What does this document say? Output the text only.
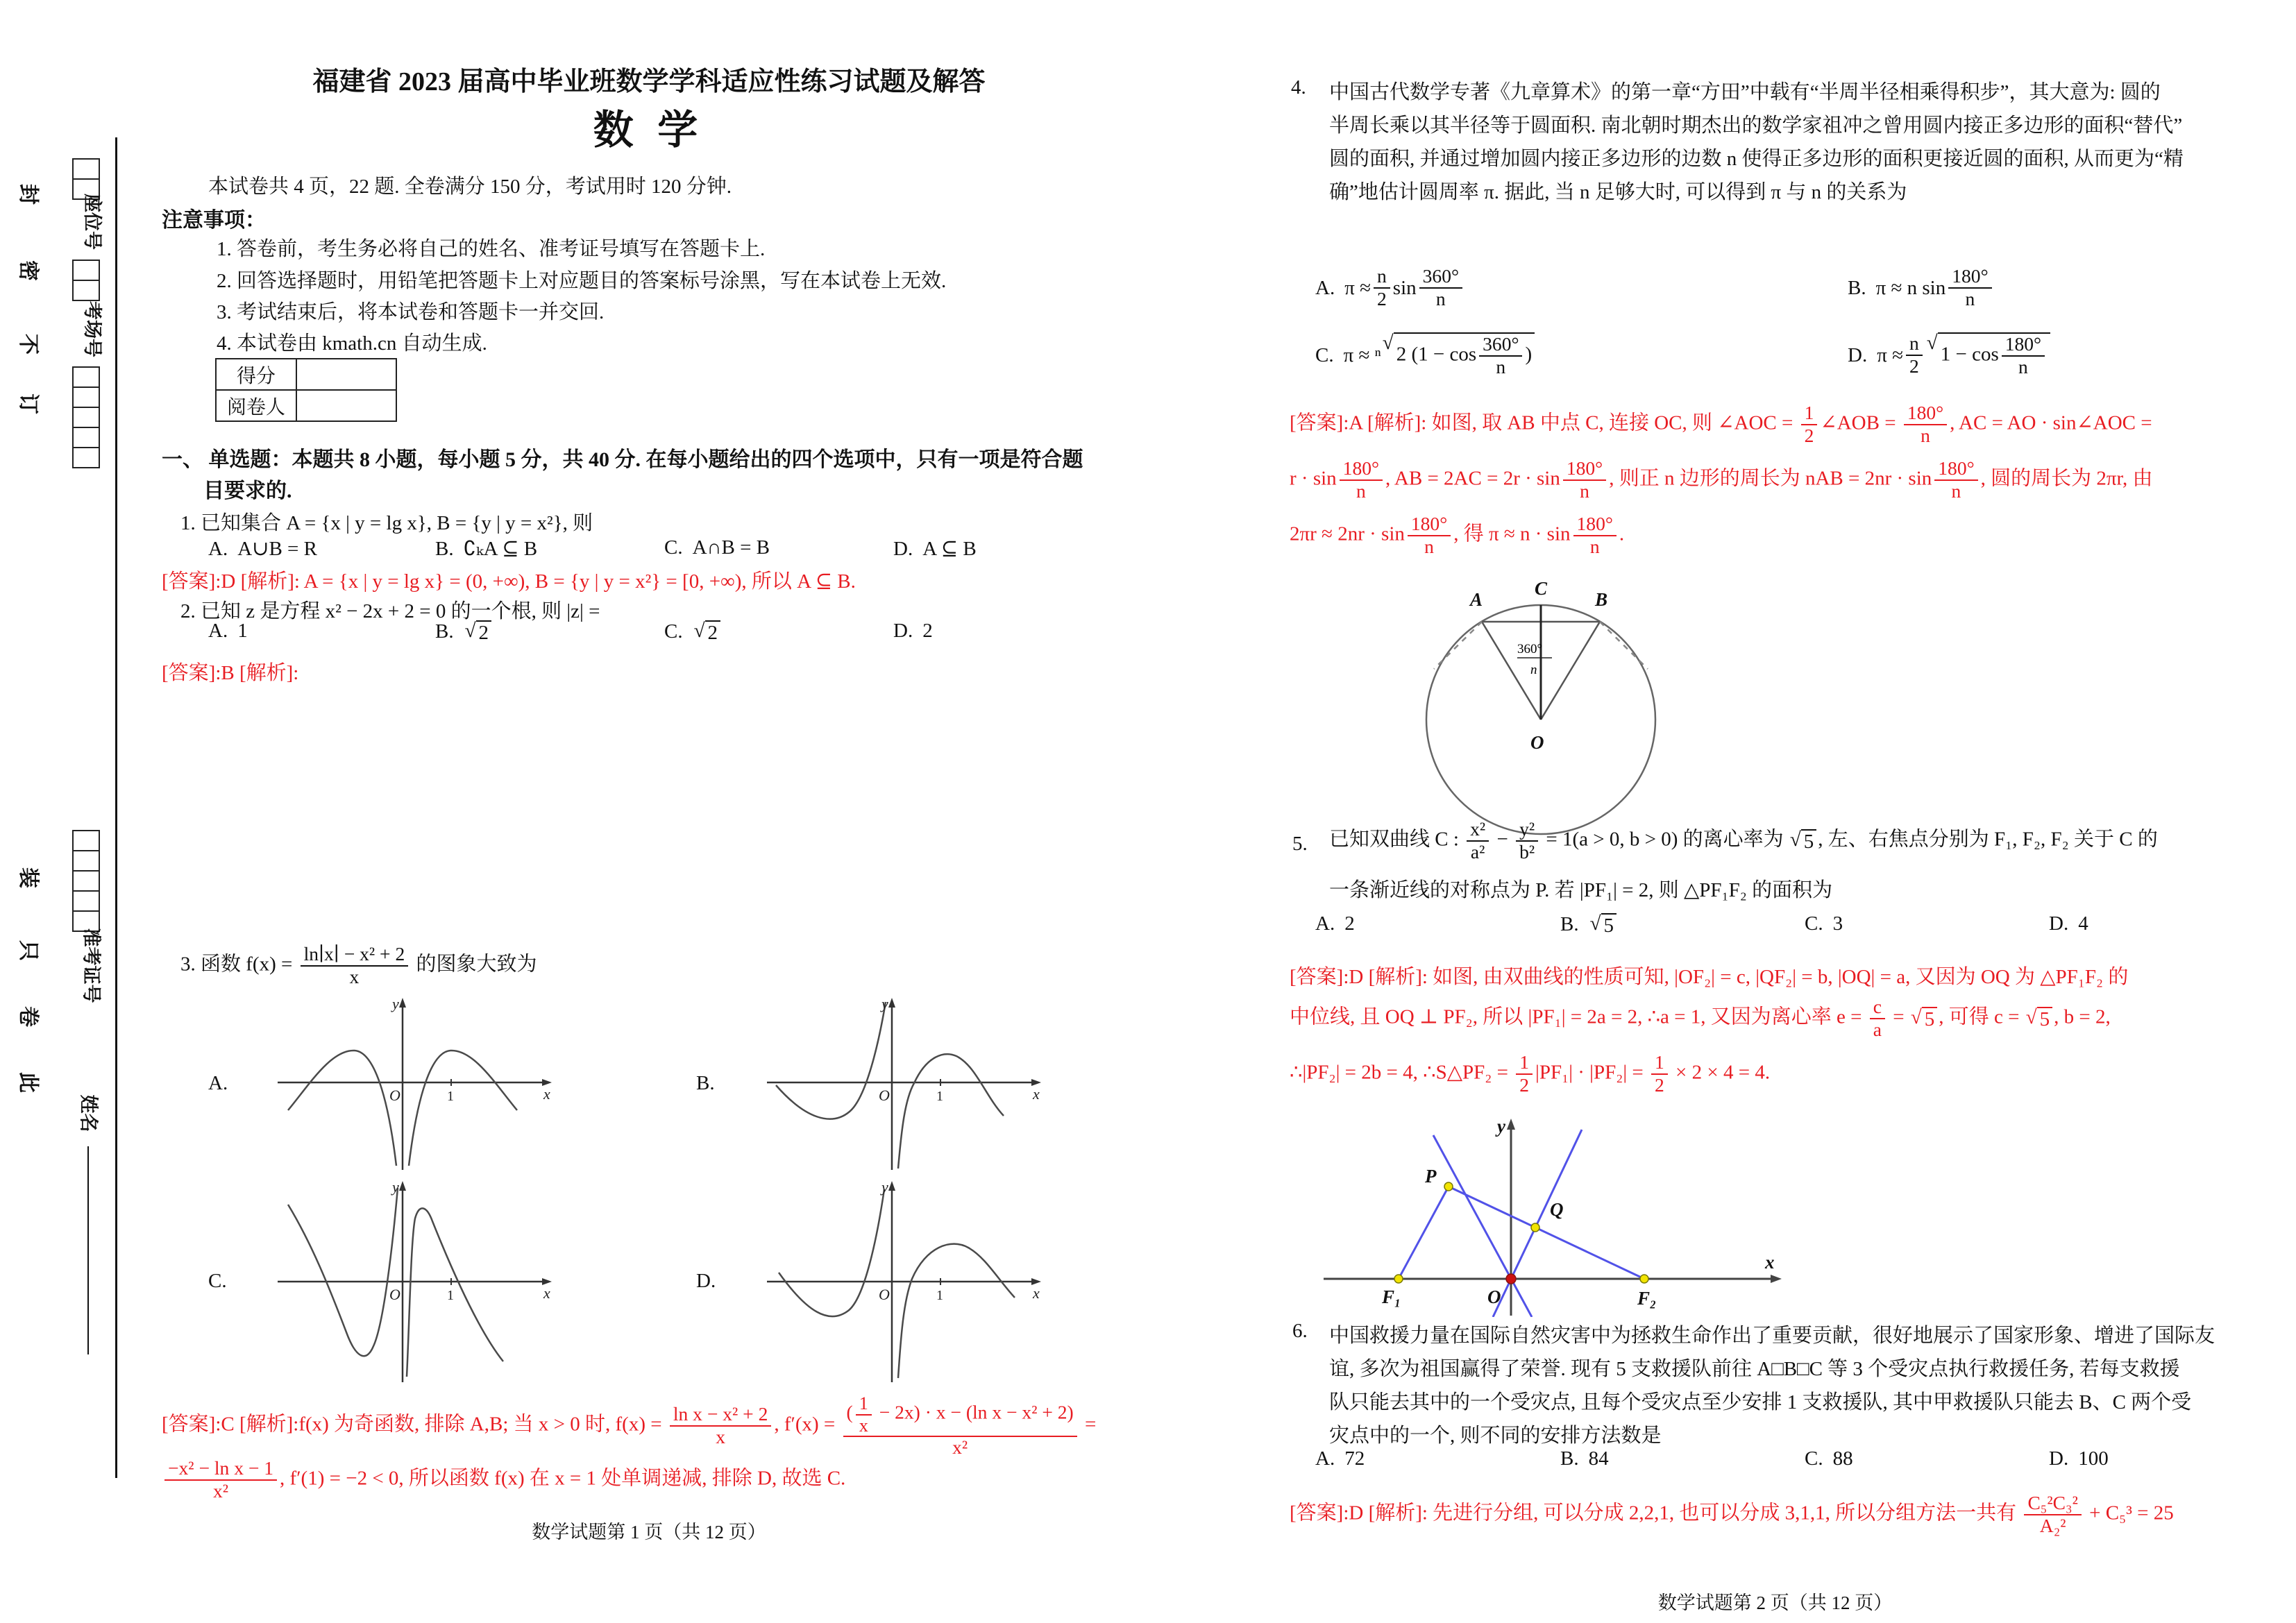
封
密
不
订
装
只
卷
此
座位号
考场号
准考证号
姓名
福建省 2023 届高中毕业班数学学科适应性练习试题及解答
数 学
本试卷共 4 页，22 题. 全卷满分 150 分，考试用时 120 分钟.
注意事项：
1. 答卷前，考生务必将自己的姓名、准考证号填写在答题卡上.
2. 回答选择题时，用铅笔把答题卡上对应题目的答案标号涂黑，写在本试卷上无效.
3. 考试结束后，将本试卷和答题卡一并交回.
4. 本试卷由 kmath.cn 自动生成.
得分	
阅卷人	
一、 单选题：本题共 8 小题，每小题 5 分，共 40 分. 在每小题给出的四个选项中，只有一项是符合题
目要求的.
1. 已知集合 A = {x | y = lg x}, B = {y | y = x²}, 则
A. A∪B = R	B. ∁ₖA ⊆ B	C. A∩B = B	D. A ⊆ B
[答案]:D [解析]: A = {x | y = lg x} = (0, +∞), B = {y | y = x²} = [0, +∞), 所以 A ⊆ B.
2. 已知 z 是方程 x² − 2x + 2 = 0 的一个根, 则 |z| =
A. 1	B. √ 2	C. √ 2	D. 2
[答案]:B [解析]:
3. 函数 $f(x) = \frac{\text{ln∣x∣ − x² + 2}}{x}$ 的图象大致为
A.
O	1
y
x	B.
O	1
y
x
C.
O	1
y
x
D.
O	1
y
x
[答案]:C [解析]:f(x) 为奇函数, 排除 A,B; 当 x > 0 时, $f(x) = \frac{\text{ln x − x² + 2}}{x}$ , $f'(x) = \frac{( \frac{1}{x} - 2x) \cdot x - (\ln x - x^2 + 2)}{\text{x²}}$ =
$\frac{\text{−x² − ln x − 1}}{\text{x²}}$ , f′(1) = −2 < 0, 所以函数 f(x) 在 x = 1 处单调递减, 排除 D, 故选 C.
数学试题第 1 页（共 12 页）
4. 中国古代数学专著《九章算术》的第一章“方田”中载有“半周半径相乘得积步”，其大意为: 圆的
半周长乘以其半径等于圆面积. 南北朝时期杰出的数学家祖冲之曾用圆内接正多边形的面积“替代”
圆的面积, 并通过增加圆内接正多边形的边数 n 使得正多边形的面积更接近圆的面积, 从而更为“精
确”地估计圆周率 π. 据此, 当 n 足够大时, 可以得到 π 与 n 的关系为
A. $\pi \approx \frac{n}{2}$ $\sin \frac{360^\circ}{n}$	B. π ≈ n $\sin \frac{180^\circ}{n}$
C. π ≈ ⁿ
√
2 ($1 - \cos \frac{360^\circ}{n}$ )	D. $\pi \approx \frac{n}{2}$ √
$1 - \cos \frac{180^\circ}{n}$
[答案]:A [解析]: 如图, 取 AB 中点 C, 连接 OC, 则 ∠AOC = $\frac{1}{2}$ ∠AOB = $\frac{180^\circ}{n}$ , AC = AO · sin∠AOC =
$r \cdot \sin \frac{180^\circ}{n}$ , AB = $2AC = 2r \cdot \sin \frac{180^\circ}{n}$ , 则正 n 边形的周长为 nAB = $2nr \cdot \sin \frac{180^\circ}{n}$ , 圆的周长为 2πr, 由
$2\pi r \approx 2nr \cdot \sin \frac{180^\circ}{n}$ , 得 $\pi \approx n \cdot \sin \frac{180^\circ}{n}$ .
A
C
B
O
360°
n
5. 已知双曲线 C : $\frac{\text{x²}}{\text{a²}} - \frac{\text{y²}}{\text{b²}} = 1(a > 0$, b > 0) 的离心率为 √ 5 , 左、右焦点分别为 F₁, F₂, F₂ 关于 C 的
一条渐近线的对称点为 P. 若 |PF₁| = 2, 则 △PF₁F₂ 的面积为
A. 2	B. √ 5	C. 3	D. 4
[答案]:D [解析]: 如图, 由双曲线的性质可知, |OF₂| = c, |QF₂| = b, |OQ| = a, 又因为 OQ 为 △PF₁F₂ 的
中位线, 且 OQ ⊥ PF₂, 所以 |PF₁| = 2a = 2, ∴a = 1, 又因为离心率 $e = \frac{c}{a}$ = √ 5 , 可得 c = √ 5 , b = 2,
∴|PF₂| = 2b = 4, ∴S△PF₂ = $\frac{1}{2} |PF_1| \cdot |PF_2| = \frac{1}{2} \times 2 \times 4 = 4$.
y
x
P
Q
F₁	O	F₂
6. 中国救援力量在国际自然灾害中为拯救生命作出了重要贡献，很好地展示了国家形象、增进了国际友
谊, 多次为祖国赢得了荣誉. 现有 5 支救援队前往 A□B□C 等 3 个受灾点执行救援任务, 若每支救援
队只能去其中的一个受灾点, 且每个受灾点至少安排 1 支救援队, 其中甲救援队只能去 B、C 两个受
灾点中的一个, 则不同的安排方法数是
A. 72	B. 84	C. 88	D. 100
[答案]:D [解析]: 先进行分组, 可以分成 2,2,1, 也可以分成 3,1,1, 所以分组方法一共有 $\frac{\text{C₅²C₃²}}{\text{A₂²}} + C_5^3 = 25$
数学试题第 2 页（共 12 页）
